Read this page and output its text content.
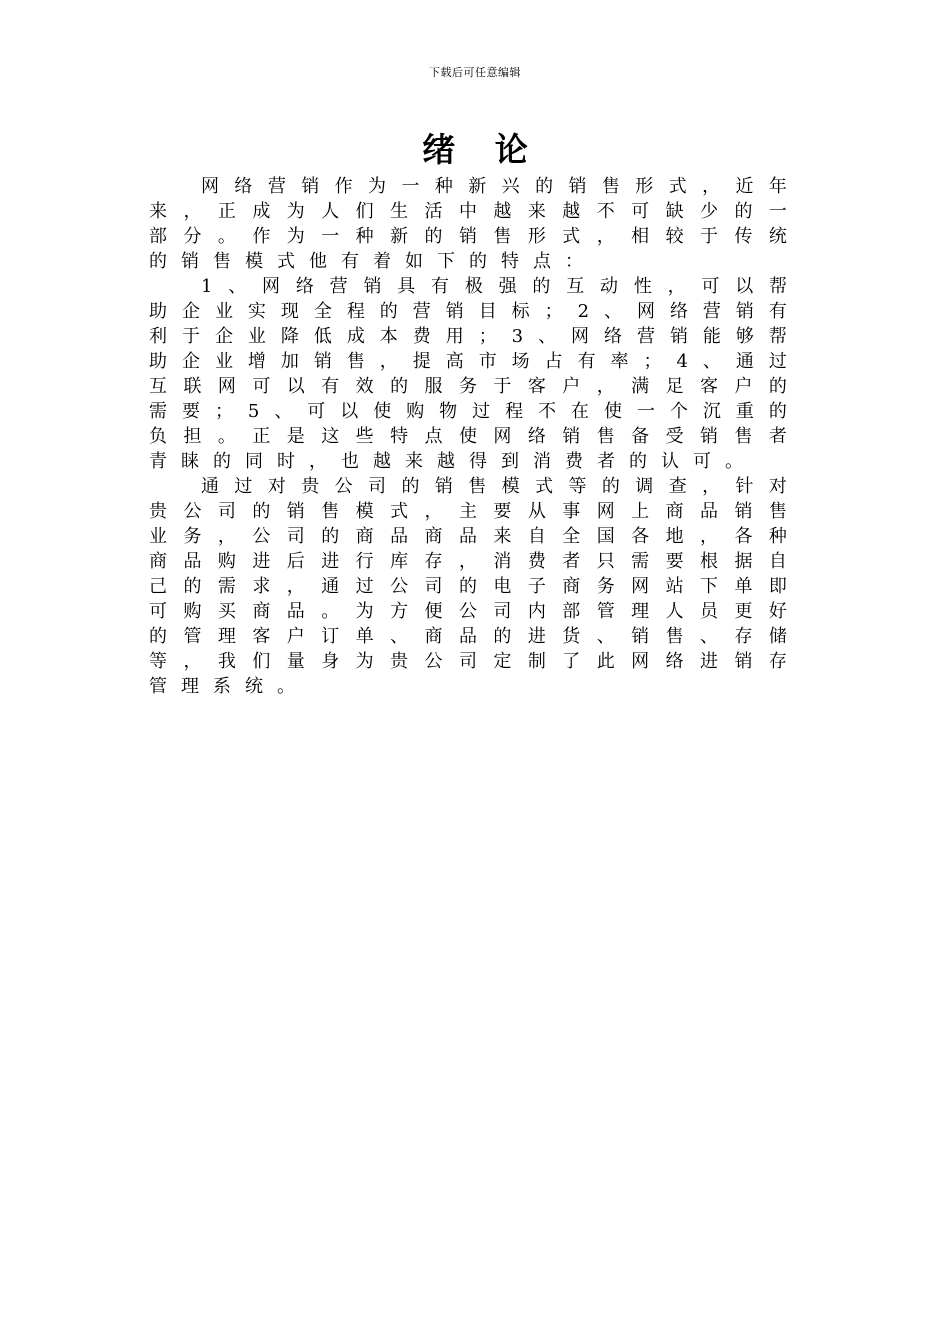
下载后可任意编辑
绪 论
网 络 营 销 作 为 一 种 新 兴 的 销 售 形 式 ， 近 年
来 ， 正 成 为 人 们 生 活 中 越 来 越 不 可 缺 少 的 一
部 分 。 作 为 一 种 新 的 销 售 形 式 ， 相 较 于 传 统
的 销 售 模 式 他 有 着 如 下 的 特 点 ：
1 、 网 络 营 销 具 有 极 强 的 互 动 性 ， 可 以 帮
助 企 业 实 现 全 程 的 营 销 目 标 ； 2 、 网 络 营 销 有
利 于 企 业 降 低 成 本 费 用 ； 3 、 网 络 营 销 能 够 帮
助 企 业 增 加 销 售 ， 提 高 市 场 占 有 率 ； 4 、 通 过
互 联 网 可 以 有 效 的 服 务 于 客 户 ， 满 足 客 户 的
需 要 ； 5 、 可 以 使 购 物 过 程 不 在 使 一 个 沉 重 的
负 担 。 正 是 这 些 特 点 使 网 络 销 售 备 受 销 售 者
青 睐 的 同 时 ， 也 越 来 越 得 到 消 费 者 的 认 可 。
通 过 对 贵 公 司 的 销 售 模 式 等 的 调 查 ， 针 对
贵 公 司 的 销 售 模 式 ， 主 要 从 事 网 上 商 品 销 售
业 务 ， 公 司 的 商 品 商 品 来 自 全 国 各 地 ， 各 种
商 品 购 进 后 进 行 库 存 ， 消 费 者 只 需 要 根 据 自
己 的 需 求 ， 通 过 公 司 的 电 子 商 务 网 站 下 单 即
可 购 买 商 品 。 为 方 便 公 司 内 部 管 理 人 员 更 好
的 管 理 客 户 订 单 、 商 品 的 进 货 、 销 售 、 存 储
等 ， 我 们 量 身 为 贵 公 司 定 制 了 此 网 络 进 销 存
管 理 系 统 。
